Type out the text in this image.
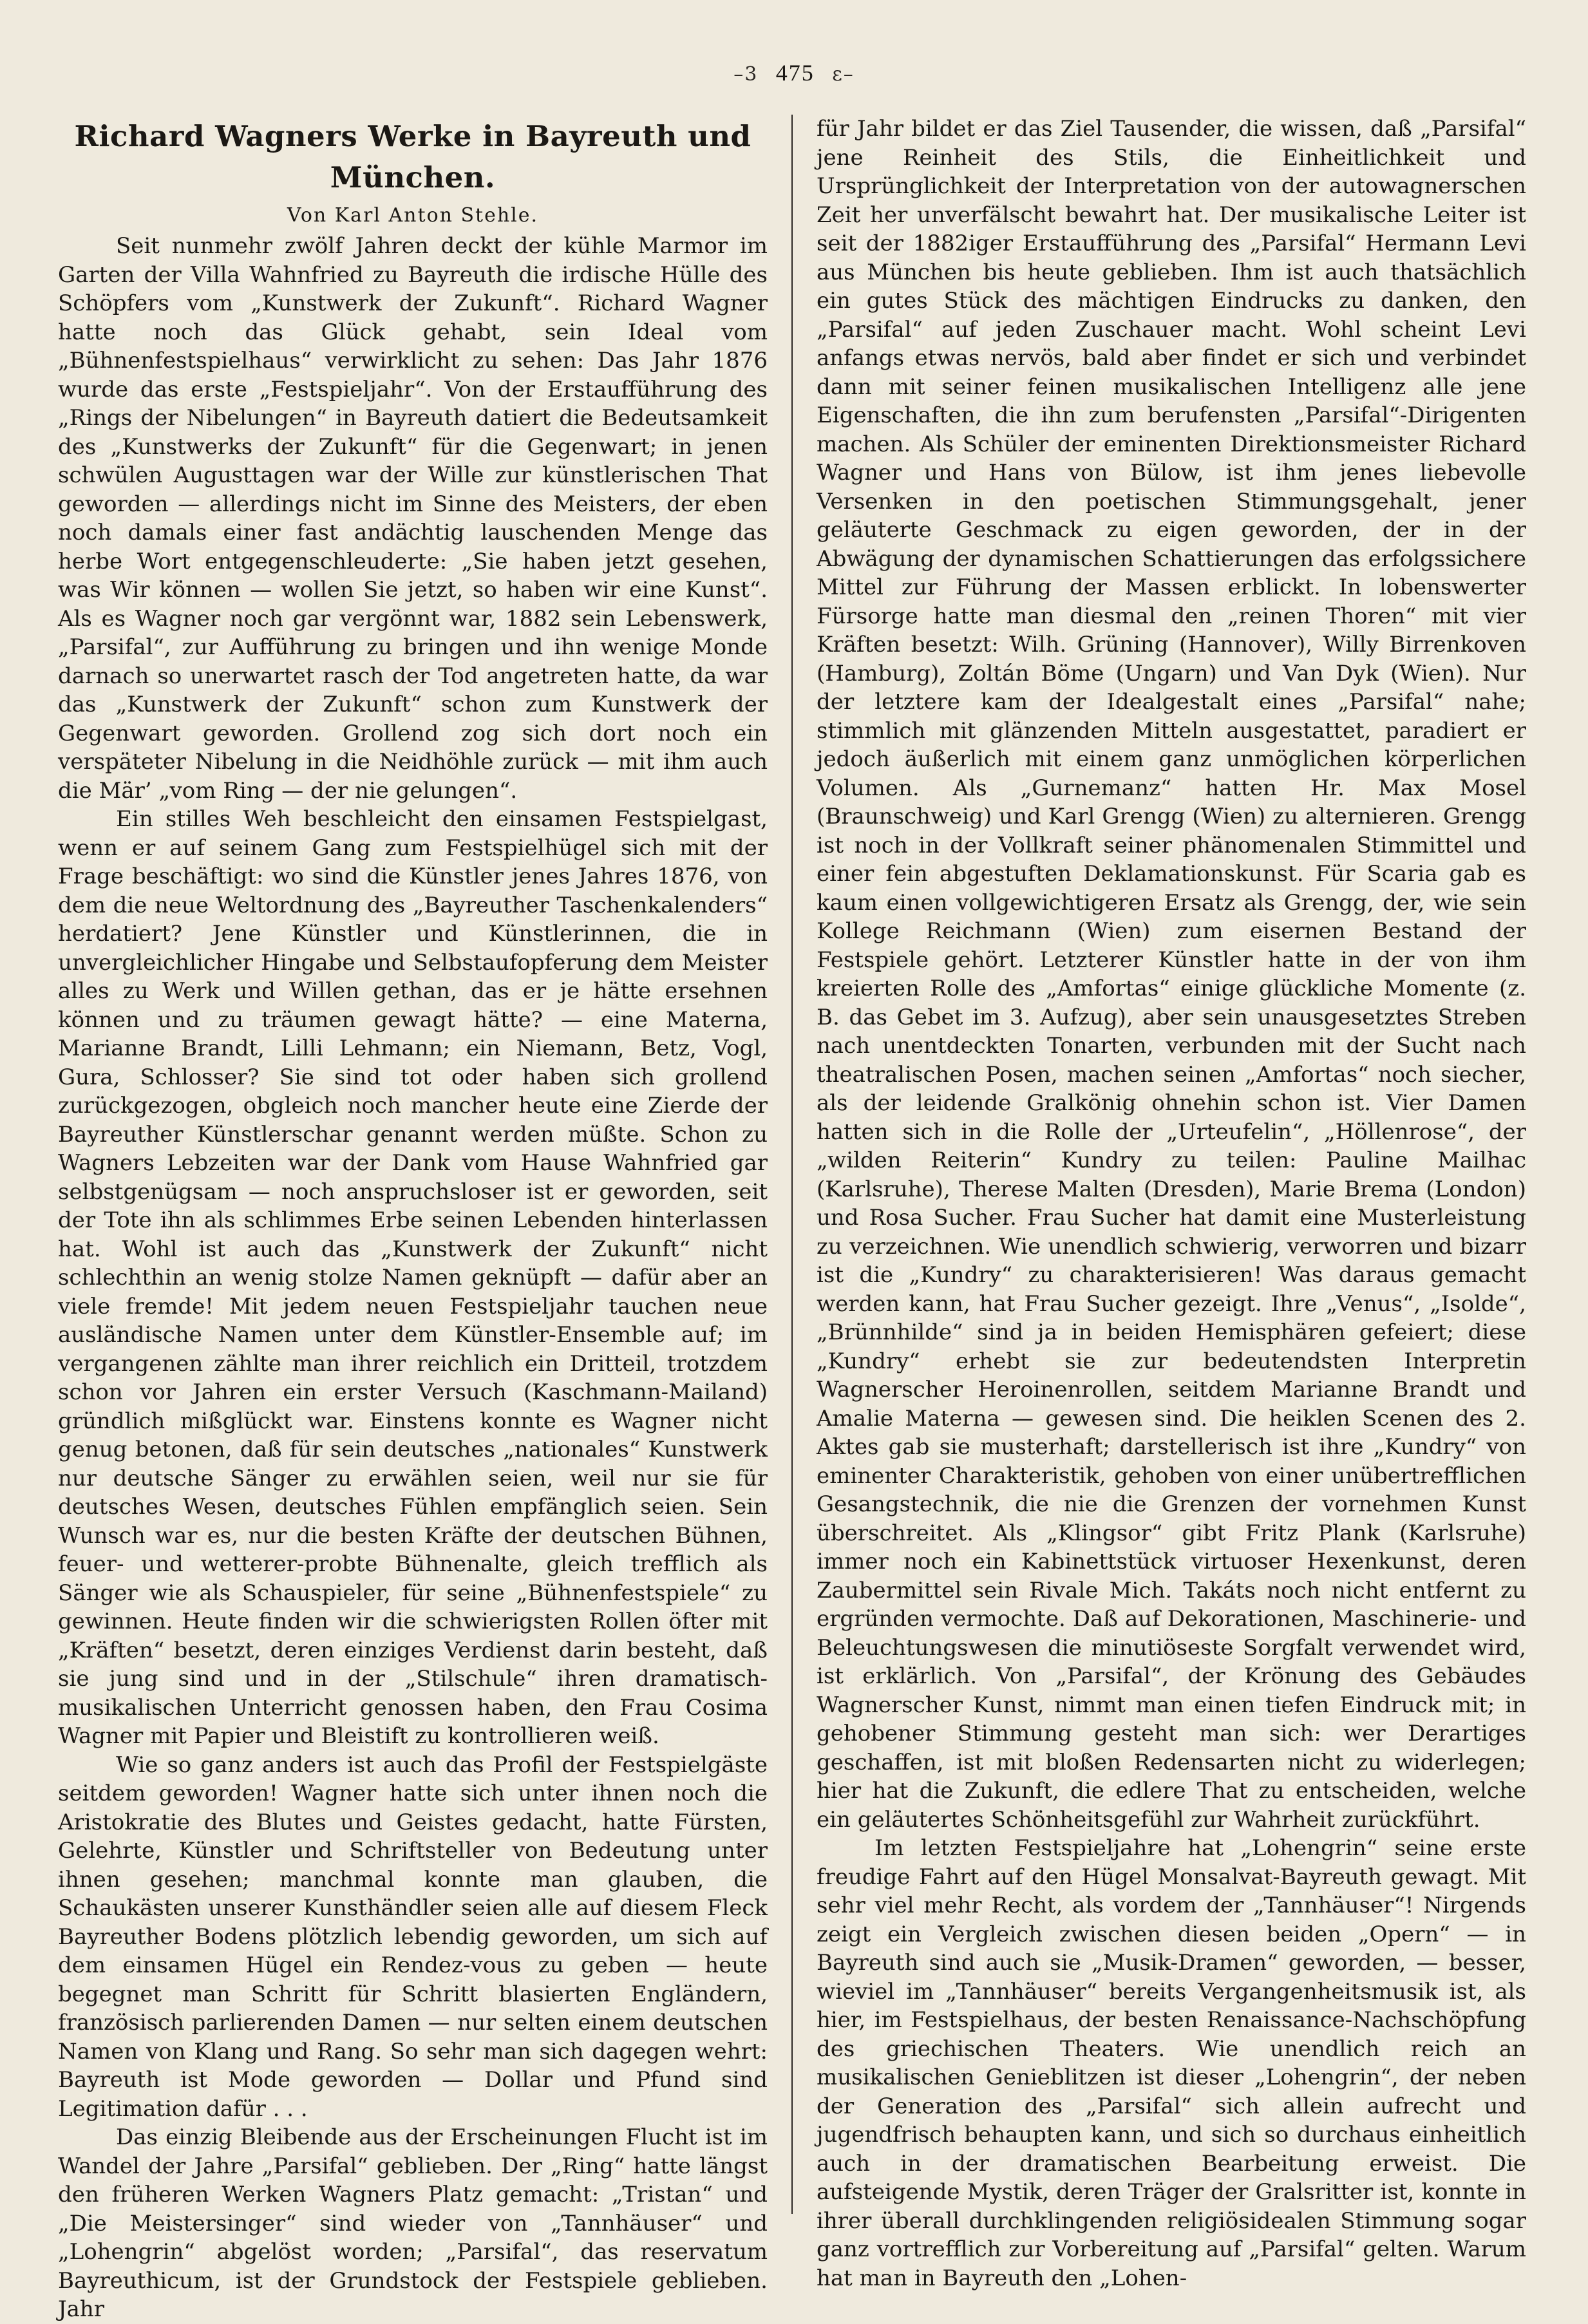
–3 475 ɛ–
Richard Wagners Werke in Bayreuth und München.
Von Karl Anton Stehle.

Seit nunmehr zwölf Jahren deckt der kühle Marmor im Garten der Villa Wahnfried zu Bayreuth die irdische Hülle des Schöpfers vom „Kunstwerk der Zukunft“. Richard Wagner hatte noch das Glück gehabt, sein Ideal vom „Bühnenfestspielhaus“ verwirklicht zu sehen: Das Jahr 1876 wurde das erste „Festspieljahr“. Von der Erstaufführung des „Rings der Nibelungen“ in Bayreuth datiert die Bedeutsamkeit des „Kunstwerks der Zukunft“ für die Gegenwart; in jenen schwülen Augusttagen war der Wille zur künstlerischen That geworden — allerdings nicht im Sinne des Meisters, der eben noch damals einer fast andächtig lauschenden Menge das herbe Wort entgegenschleuderte: „Sie haben jetzt gesehen, was Wir können — wollen Sie jetzt, so haben wir eine Kunst“. Als es Wagner noch gar vergönnt war, 1882 sein Lebenswerk, „Parsifal“, zur Aufführung zu bringen und ihn wenige Monde darnach so unerwartet rasch der Tod angetreten hatte, da war das „Kunstwerk der Zukunft“ schon zum Kunstwerk der Gegenwart geworden. Grollend zog sich dort noch ein verspäteter Nibelung in die Neidhöhle zurück — mit ihm auch die Mär’ „vom Ring — der nie gelungen“.

Ein stilles Weh beschleicht den einsamen Festspielgast, wenn er auf seinem Gang zum Festspielhügel sich mit der Frage beschäftigt: wo sind die Künstler jenes Jahres 1876, von dem die neue Weltordnung des „Bayreuther Taschenkalenders“ herdatiert? Jene Künstler und Künstlerinnen, die in unvergleichlicher Hingabe und Selbstaufopferung dem Meister alles zu Werk und Willen gethan, das er je hätte ersehnen können und zu träumen gewagt hätte? — eine Materna, Marianne Brandt, Lilli Lehmann; ein Niemann, Betz, Vogl, Gura, Schlosser? Sie sind tot oder haben sich grollend zurückgezogen, obgleich noch mancher heute eine Zierde der Bayreuther Künstlerschar genannt werden müßte. Schon zu Wagners Lebzeiten war der Dank vom Hause Wahnfried gar selbstgenügsam — noch anspruchsloser ist er geworden, seit der Tote ihn als schlimmes Erbe seinen Lebenden hinterlassen hat. Wohl ist auch das „Kunstwerk der Zukunft“ nicht schlechthin an wenig stolze Namen geknüpft — dafür aber an viele fremde! Mit jedem neuen Festspieljahr tauchen neue ausländische Namen unter dem Künstler-Ensemble auf; im vergangenen zählte man ihrer reichlich ein Dritteil, trotzdem schon vor Jahren ein erster Versuch (Kaschmann-Mailand) gründlich mißglückt war. Einstens konnte es Wagner nicht genug betonen, daß für sein deutsches „nationales“ Kunstwerk nur deutsche Sänger zu erwählen seien, weil nur sie für deutsches Wesen, deutsches Fühlen empfänglich seien. Sein Wunsch war es, nur die besten Kräfte der deutschen Bühnen, feuer- und wetterer-probte Bühnenalte, gleich trefflich als Sänger wie als Schauspieler, für seine „Bühnenfestspiele“ zu gewinnen. Heute finden wir die schwierigsten Rollen öfter mit „Kräften“ besetzt, deren einziges Verdienst darin besteht, daß sie jung sind und in der „Stilschule“ ihren dramatisch-musikalischen Unterricht genossen haben, den Frau Cosima Wagner mit Papier und Bleistift zu kontrollieren weiß.

Wie so ganz anders ist auch das Profil der Festspielgäste seitdem geworden! Wagner hatte sich unter ihnen noch die Aristokratie des Blutes und Geistes gedacht, hatte Fürsten, Gelehrte, Künstler und Schriftsteller von Bedeutung unter ihnen gesehen; manchmal konnte man glauben, die Schaukästen unserer Kunsthändler seien alle auf diesem Fleck Bayreuther Bodens plötzlich lebendig geworden, um sich auf dem einsamen Hügel ein Rendez-vous zu geben — heute begegnet man Schritt für Schritt blasierten Engländern, französisch parlierenden Damen — nur selten einem deutschen Namen von Klang und Rang. So sehr man sich dagegen wehrt: Bayreuth ist Mode geworden — Dollar und Pfund sind Legitimation dafür . . .

Das einzig Bleibende aus der Erscheinungen Flucht ist im Wandel der Jahre „Parsifal“ geblieben. Der „Ring“ hatte längst den früheren Werken Wagners Platz gemacht: „Tristan“ und „Die Meistersinger“ sind wieder von „Tannhäuser“ und „Lohengrin“ abgelöst worden; „Parsifal“, das reservatum Bayreuthicum, ist der Grundstock der Festspiele geblieben. Jahr

für Jahr bildet er das Ziel Tausender, die wissen, daß „Parsifal“ jene Reinheit des Stils, die Einheitlichkeit und Ursprünglichkeit der Interpretation von der autowagnerschen Zeit her unverfälscht bewahrt hat. Der musikalische Leiter ist seit der 1882iger Erstaufführung des „Parsifal“ Hermann Levi aus München bis heute geblieben. Ihm ist auch thatsächlich ein gutes Stück des mächtigen Eindrucks zu danken, den „Parsifal“ auf jeden Zuschauer macht. Wohl scheint Levi anfangs etwas nervös, bald aber findet er sich und verbindet dann mit seiner feinen musikalischen Intelligenz alle jene Eigenschaften, die ihn zum berufensten „Parsifal“-Dirigenten machen. Als Schüler der eminenten Direktionsmeister Richard Wagner und Hans von Bülow, ist ihm jenes liebevolle Versenken in den poetischen Stimmungsgehalt, jener geläuterte Geschmack zu eigen geworden, der in der Abwägung der dynamischen Schattierungen das erfolgssichere Mittel zur Führung der Massen erblickt. In lobenswerter Fürsorge hatte man diesmal den „reinen Thoren“ mit vier Kräften besetzt: Wilh. Grüning (Hannover), Willy Birrenkoven (Hamburg), Zoltán Böme (Ungarn) und Van Dyk (Wien). Nur der letztere kam der Idealgestalt eines „Parsifal“ nahe; stimmlich mit glänzenden Mitteln ausgestattet, paradiert er jedoch äußerlich mit einem ganz unmöglichen körperlichen Volumen. Als „Gurnemanz“ hatten Hr. Max Mosel (Braunschweig) und Karl Grengg (Wien) zu alternieren. Grengg ist noch in der Vollkraft seiner phänomenalen Stimmittel und einer fein abgestuften Deklamationskunst. Für Scaria gab es kaum einen vollgewichtigeren Ersatz als Grengg, der, wie sein Kollege Reichmann (Wien) zum eisernen Bestand der Festspiele gehört. Letzterer Künstler hatte in der von ihm kreierten Rolle des „Amfortas“ einige glückliche Momente (z. B. das Gebet im 3. Aufzug), aber sein unausgesetztes Streben nach unentdeckten Tonarten, verbunden mit der Sucht nach theatralischen Posen, machen seinen „Amfortas“ noch siecher, als der leidende Gralkönig ohnehin schon ist. Vier Damen hatten sich in die Rolle der „Urteufelin“, „Höllenrose“, der „wilden Reiterin“ Kundry zu teilen: Pauline Mailhac (Karlsruhe), Therese Malten (Dresden), Marie Brema (London) und Rosa Sucher. Frau Sucher hat damit eine Musterleistung zu verzeichnen. Wie unendlich schwierig, verworren und bizarr ist die „Kundry“ zu charakterisieren! Was daraus gemacht werden kann, hat Frau Sucher gezeigt. Ihre „Venus“, „Isolde“, „Brünnhilde“ sind ja in beiden Hemisphären gefeiert; diese „Kundry“ erhebt sie zur bedeutendsten Interpretin Wagnerscher Heroinenrollen, seitdem Marianne Brandt und Amalie Materna — gewesen sind. Die heiklen Scenen des 2. Aktes gab sie musterhaft; darstellerisch ist ihre „Kundry“ von eminenter Charakteristik, gehoben von einer unübertrefflichen Gesangstechnik, die nie die Grenzen der vornehmen Kunst überschreitet. Als „Klingsor“ gibt Fritz Plank (Karlsruhe) immer noch ein Kabinettstück virtuoser Hexenkunst, deren Zaubermittel sein Rivale Mich. Takáts noch nicht entfernt zu ergründen vermochte. Daß auf Dekorationen, Maschinerie- und Beleuchtungswesen die minutiöseste Sorgfalt verwendet wird, ist erklärlich. Von „Parsifal“, der Krönung des Gebäudes Wagnerscher Kunst, nimmt man einen tiefen Eindruck mit; in gehobener Stimmung gesteht man sich: wer Derartiges geschaffen, ist mit bloßen Redensarten nicht zu widerlegen; hier hat die Zukunft, die edlere That zu entscheiden, welche ein geläutertes Schönheitsgefühl zur Wahrheit zurückführt.

Im letzten Festspieljahre hat „Lohengrin“ seine erste freudige Fahrt auf den Hügel Monsalvat-Bayreuth gewagt. Mit sehr viel mehr Recht, als vordem der „Tannhäuser“! Nirgends zeigt ein Vergleich zwischen diesen beiden „Opern“ — in Bayreuth sind auch sie „Musik-Dramen“ geworden, — besser, wieviel im „Tannhäuser“ bereits Vergangenheitsmusik ist, als hier, im Festspielhaus, der besten Renaissance-Nachschöpfung des griechischen Theaters. Wie unendlich reich an musikalischen Genieblitzen ist dieser „Lohengrin“, der neben der Generation des „Parsifal“ sich allein aufrecht und jugendfrisch behaupten kann, und sich so durchaus einheitlich auch in der dramatischen Bearbeitung erweist. Die aufsteigende Mystik, deren Träger der Gralsritter ist, konnte in ihrer überall durchklingenden religiösidealen Stimmung sogar ganz vortrefflich zur Vorbereitung auf „Parsifal“ gelten. Warum hat man in Bayreuth den „Lohen-
